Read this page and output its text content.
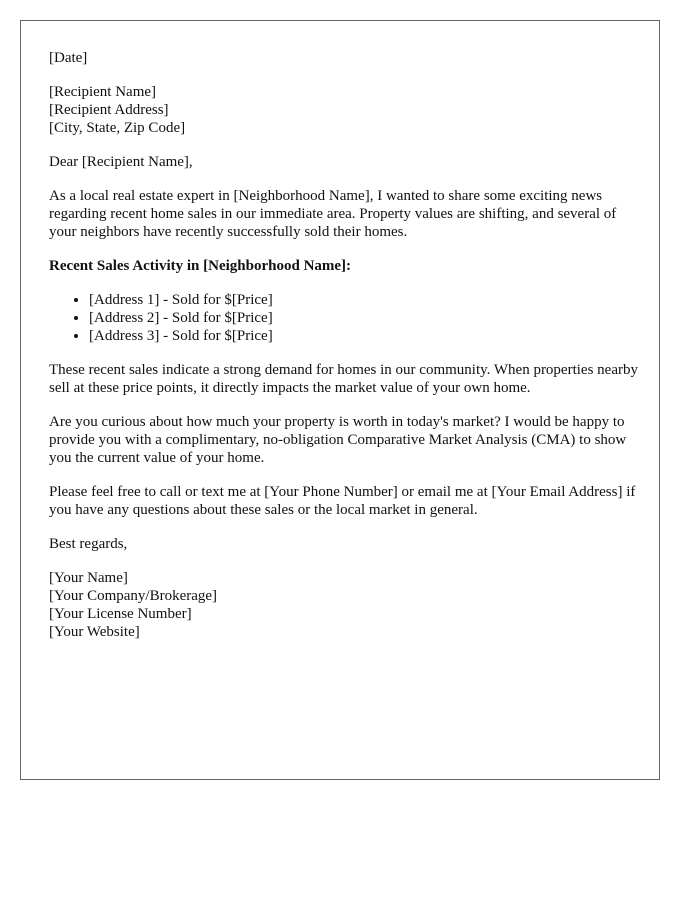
[Date]
[Recipient Name]
[Recipient Address]
[City, State, Zip Code]

Dear [Recipient Name],

As a local real estate expert in [Neighborhood Name], I wanted to share some exciting news regarding recent home sales in our immediate area. Property values are shifting, and several of your neighbors have recently successfully sold their homes.

Recent Sales Activity in [Neighborhood Name]:

• [Address 1] - Sold for $[Price]
• [Address 2] - Sold for $[Price]
• [Address 3] - Sold for $[Price]

These recent sales indicate a strong demand for homes in our community. When properties nearby sell at these price points, it directly impacts the market value of your own home.

Are you curious about how much your property is worth in today's market? I would be happy to provide you with a complimentary, no-obligation Comparative Market Analysis (CMA) to show you the current value of your home.

Please feel free to call or text me at [Your Phone Number] or email me at [Your Email Address] if you have any questions about these sales or the local market in general.

Best regards,

[Your Name]
[Your Company/Brokerage]
[Your License Number]
[Your Website]
